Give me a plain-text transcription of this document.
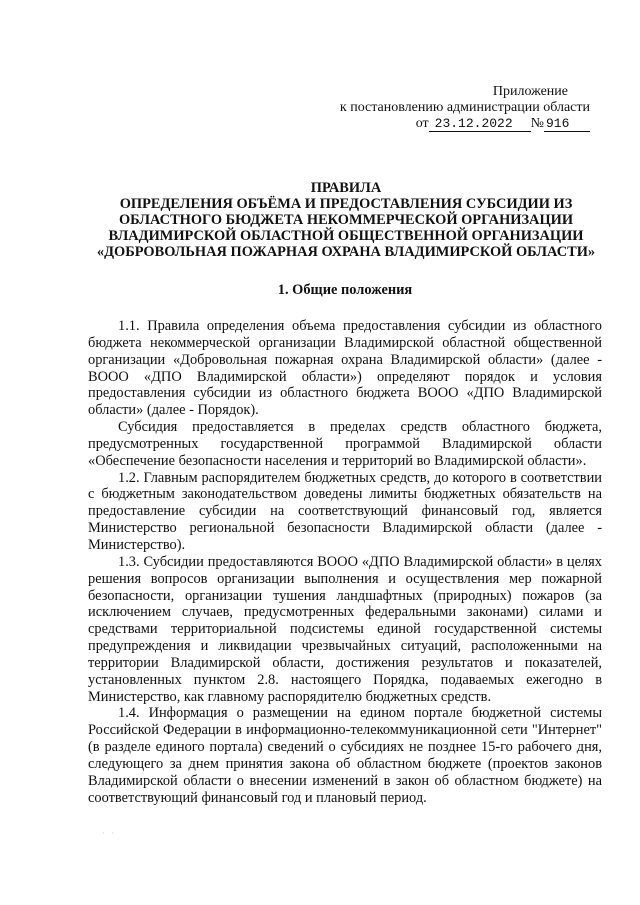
Приложение
к постановлению администрации области
от 23.12.2022 № 916
ПРАВИЛА
ОПРЕДЕЛЕНИЯ ОБЪЁМА И ПРЕДОСТАВЛЕНИЯ СУБСИДИИ ИЗ
ОБЛАСТНОГО БЮДЖЕТА НЕКОММЕРЧЕСКОЙ ОРГАНИЗАЦИИ
ВЛАДИМИРСКОЙ ОБЛАСТНОЙ ОБЩЕСТВЕННОЙ ОРГАНИЗАЦИИ
«ДОБРОВОЛЬНАЯ ПОЖАРНАЯ ОХРАНА ВЛАДИМИРСКОЙ ОБЛАСТИ»
1. Общие положения

1.1. Правила определения объема предоставления субсидии из областного бюджета некоммерческой организации Владимирской областной общественной организации «Добровольная пожарная охрана Владимирской области» (далее - ВООО «ДПО Владимирской области») определяют порядок и условия предоставления субсидии из областного бюджета ВООО «ДПО Владимирской области» (далее - Порядок).

Субсидия предоставляется в пределах средств областного бюджета, предусмотренных государственной программой Владимирской области «Обеспечение безопасности населения и территорий во Владимирской области».

1.2. Главным распорядителем бюджетных средств, до которого в соответствии с бюджетным законодательством доведены лимиты бюджетных обязательств на предоставление субсидии на соответствующий финансовый год, является Министерство региональной безопасности Владимирской области (далее - Министерство).

1.3. Субсидии предоставляются ВООО «ДПО Владимирской области» в целях решения вопросов организации выполнения и осуществления мер пожарной безопасности, организации тушения ландшафтных (природных) пожаров (за исключением случаев, предусмотренных федеральными законами) силами и средствами территориальной подсистемы единой государственной системы предупреждения и ликвидации чрезвычайных ситуаций, расположенными на территории Владимирской области, достижения результатов и показателей, установленных пунктом 2.8. настоящего Порядка, подаваемых ежегодно в Министерство, как главному распорядителю бюджетных средств.

1.4. Информация о размещении на едином портале бюджетной системы Российской Федерации в информационно-телекоммуникационной сети "Интернет" (в разделе единого портала) сведений о субсидиях не позднее 15-го рабочего дня, следующего за днем принятия закона об областном бюджете (проектов законов Владимирской области о внесении изменений в закон об областном бюджете) на соответствующий финансовый год и плановый период.

· ·
